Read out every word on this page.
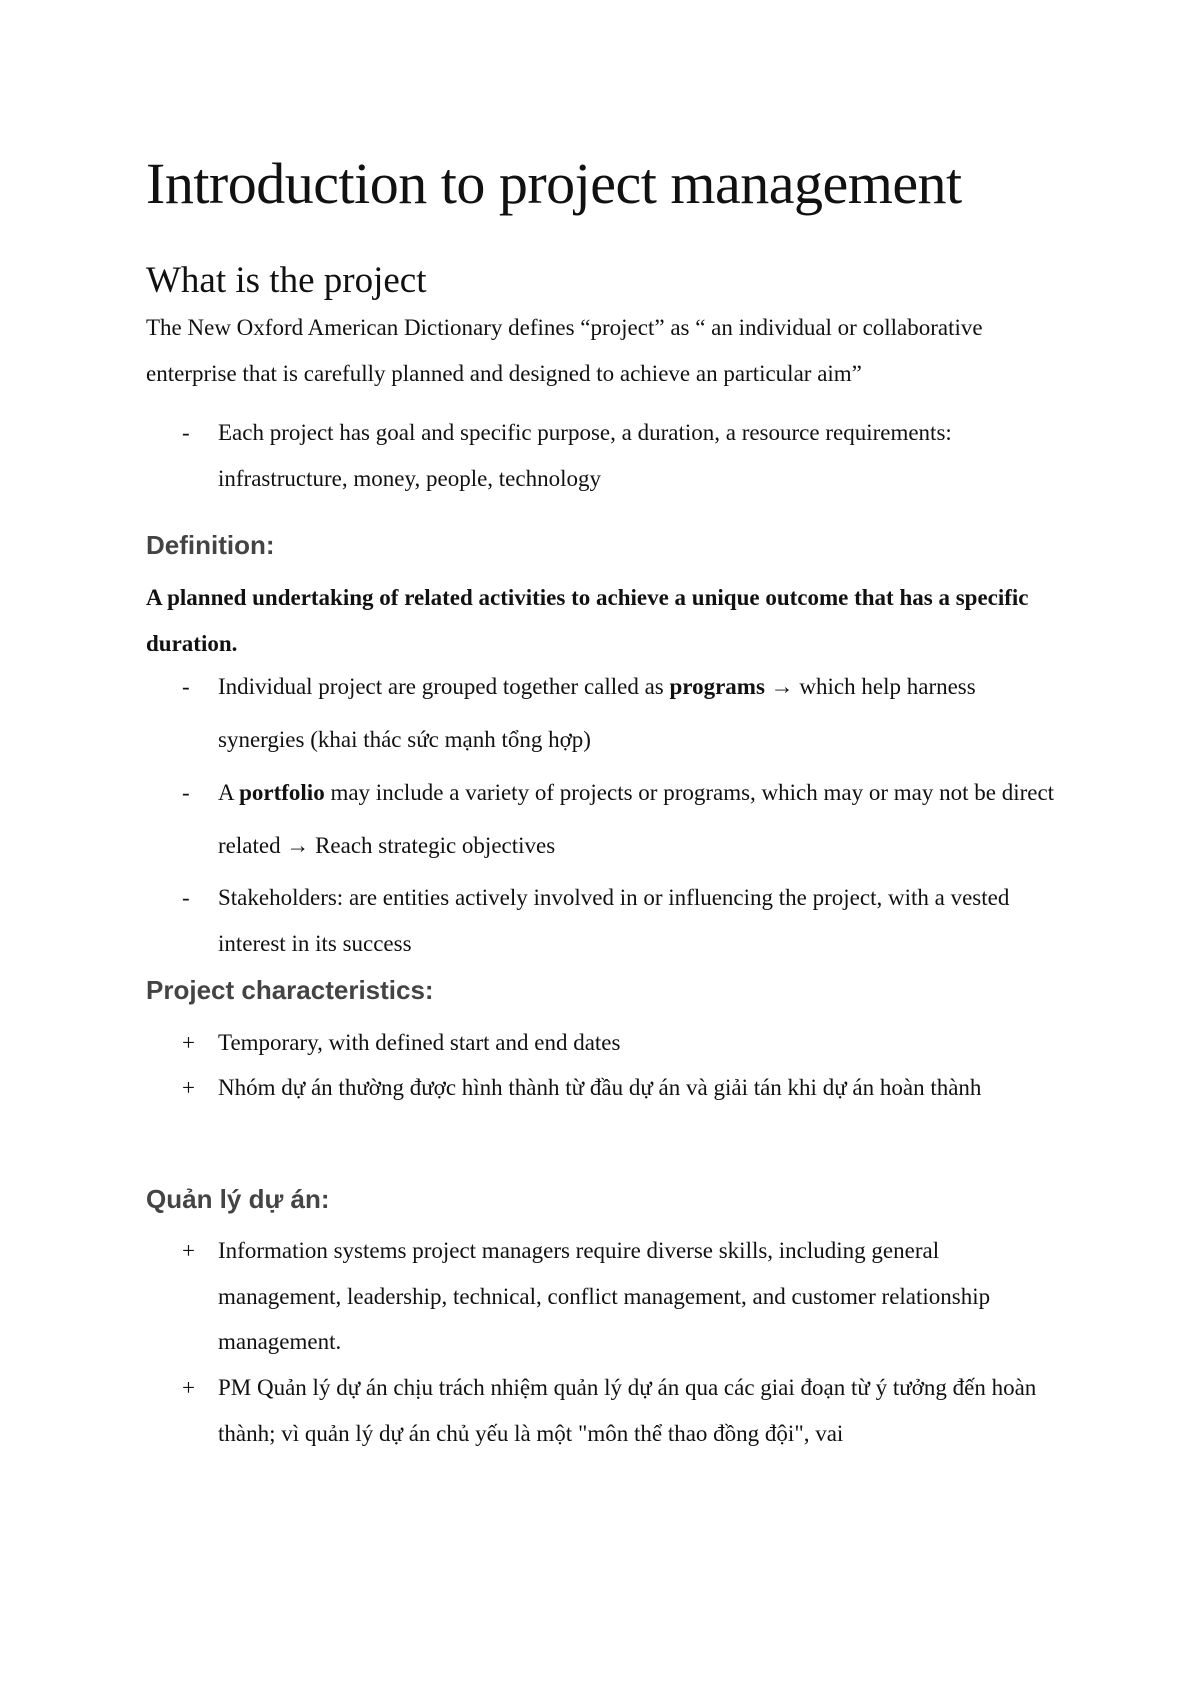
Introduction to project management
What is the project

The New Oxford American Dictionary defines “project” as “ an individual or collaborative enterprise that is carefully planned and designed to achieve an particular aim”

-	Each project has goal and specific purpose, a duration, a resource requirements: infrastructure, money, people, technology
Definition:

A planned undertaking of related activities to achieve a unique outcome that has a specific duration.

-	Individual project are grouped together called as programs → which help harness synergies (khai thác sức mạnh tổng hợp)
-	A portfolio may include a variety of projects or programs, which may or may not be direct related → Reach strategic objectives
-	Stakeholders: are entities actively involved in or influencing the project, with a vested interest in its success
Project characteristics:
+	Temporary, with defined start and end dates
+	Nhóm dự án thường được hình thành từ đầu dự án và giải tán khi dự án hoàn thành
Quản lý dự án:
+	Information systems project managers require diverse skills, including general management, leadership, technical, conflict management, and customer relationship management.
+	PM Quản lý dự án chịu trách nhiệm quản lý dự án qua các giai đoạn từ ý tưởng đến hoàn thành; vì quản lý dự án chủ yếu là một "môn thể thao đồng đội", vai
